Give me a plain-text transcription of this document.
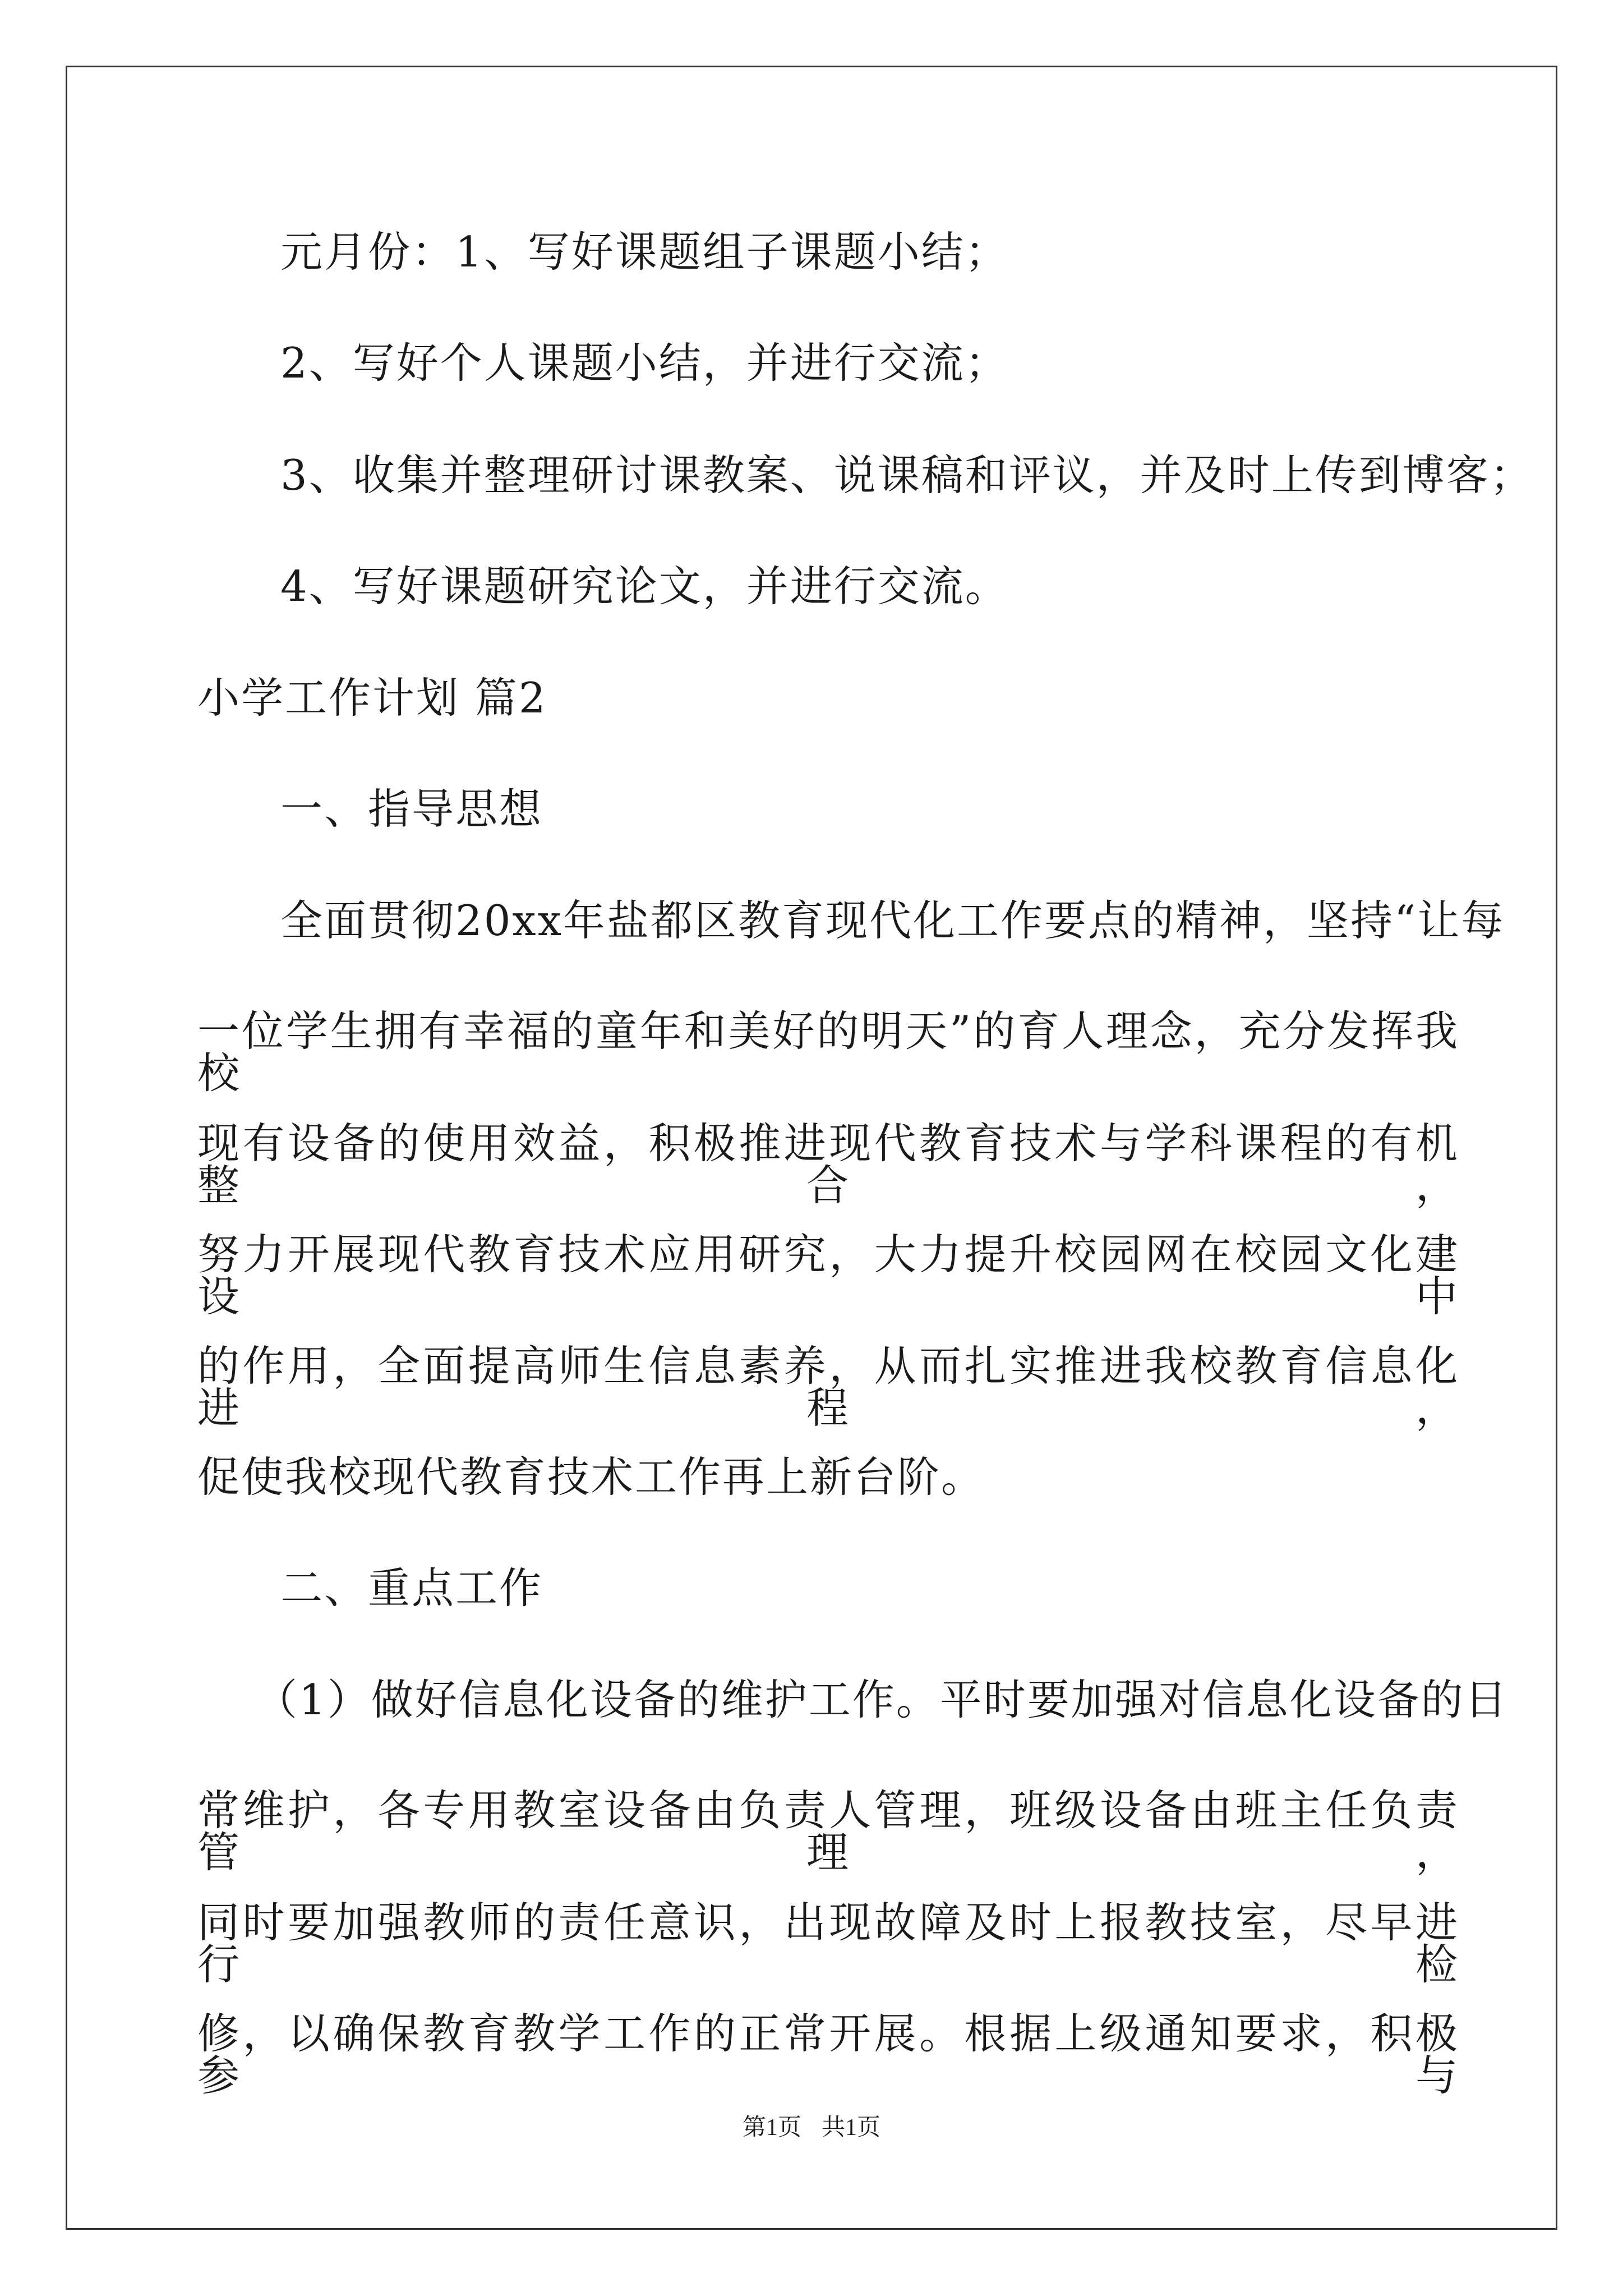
元月份：1、写好课题组子课题小结；
2、写好个人课题小结，并进行交流；
3、收集并整理研讨课教案、说课稿和评议，并及时上传到博客；
4、写好课题研究论文，并进行交流。
小学工作计划 篇2
一、指导思想
全面贯彻20xx年盐都区教育现代化工作要点的精神，坚持“让每
一位学生拥有幸福的童年和美好的明天”的育人理念，充分发挥我校
现有设备的使用效益，积极推进现代教育技术与学科课程的有机整合，
努力开展现代教育技术应用研究，大力提升校园网在校园文化建设中
的作用，全面提高师生信息素养，从而扎实推进我校教育信息化进程，
促使我校现代教育技术工作再上新台阶。
二、重点工作
（1）做好信息化设备的维护工作。平时要加强对信息化设备的日
常维护，各专用教室设备由负责人管理，班级设备由班主任负责管理，
同时要加强教师的责任意识，出现故障及时上报教技室，尽早进行检
修，以确保教育教学工作的正常开展。根据上级通知要求，积极参与
第1页 共1页
